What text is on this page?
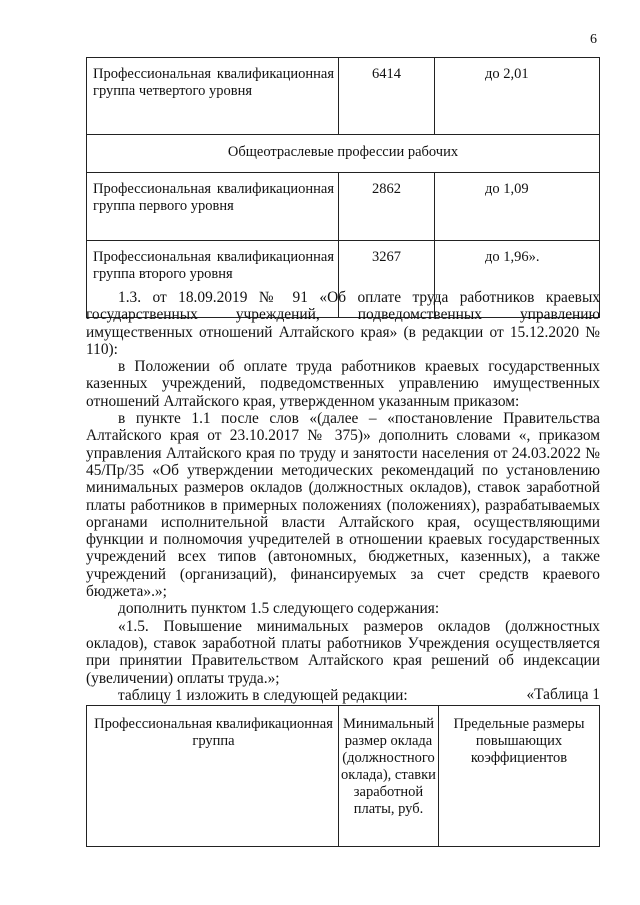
6
Профессиональная квалификационная группа четвертого уровня	6414	до 2,01
Общеотраслевые профессии рабочих		
Профессиональная квалификационная группа первого уровня	2862	до 1,09
Профессиональная квалификационная группа второго уровня	3267	до 1,96».

1.3. от 18.09.2019 № 91 «Об оплате труда работников краевых государственных учреждений, подведомственных управлению имущественных отношений Алтайского края» (в редакции от 15.12.2020 № 110):

в Положении об оплате труда работников краевых государственных казенных учреждений, подведомственных управлению имущественных отношений Алтайского края, утвержденном указанным приказом:

в пункте 1.1 после слов «(далее – «постановление Правительства Алтайского края от 23.10.2017 № 375)» дополнить словами «, приказом управления Алтайского края по труду и занятости населения от 24.03.2022 № 45/Пр/35 «Об утверждении методических рекомендаций по установлению минимальных размеров окладов (должностных окладов), ставок заработной платы работников в примерных положениях (положениях), разрабатываемых органами исполнительной власти Алтайского края, осуществляющими функции и полномочия учредителей в отношении краевых государственных учреждений всех типов (автономных, бюджетных, казенных), а также учреждений (организаций), финансируемых за счет средств краевого бюджета».»;

дополнить пунктом 1.5 следующего содержания:

«1.5. Повышение минимальных размеров окладов (должностных окладов), ставок заработной платы работников Учреждения осуществляется при принятии Правительством Алтайского края решений об индексации (увеличении) оплаты труда.»;

таблицу 1 изложить в следующей редакции:	«Таблица 1
Профессиональная квалификационная группа	Минимальный размер оклада (должностного оклада), ставки заработной платы, руб.	Предельные размеры повышающих коэффициентов
